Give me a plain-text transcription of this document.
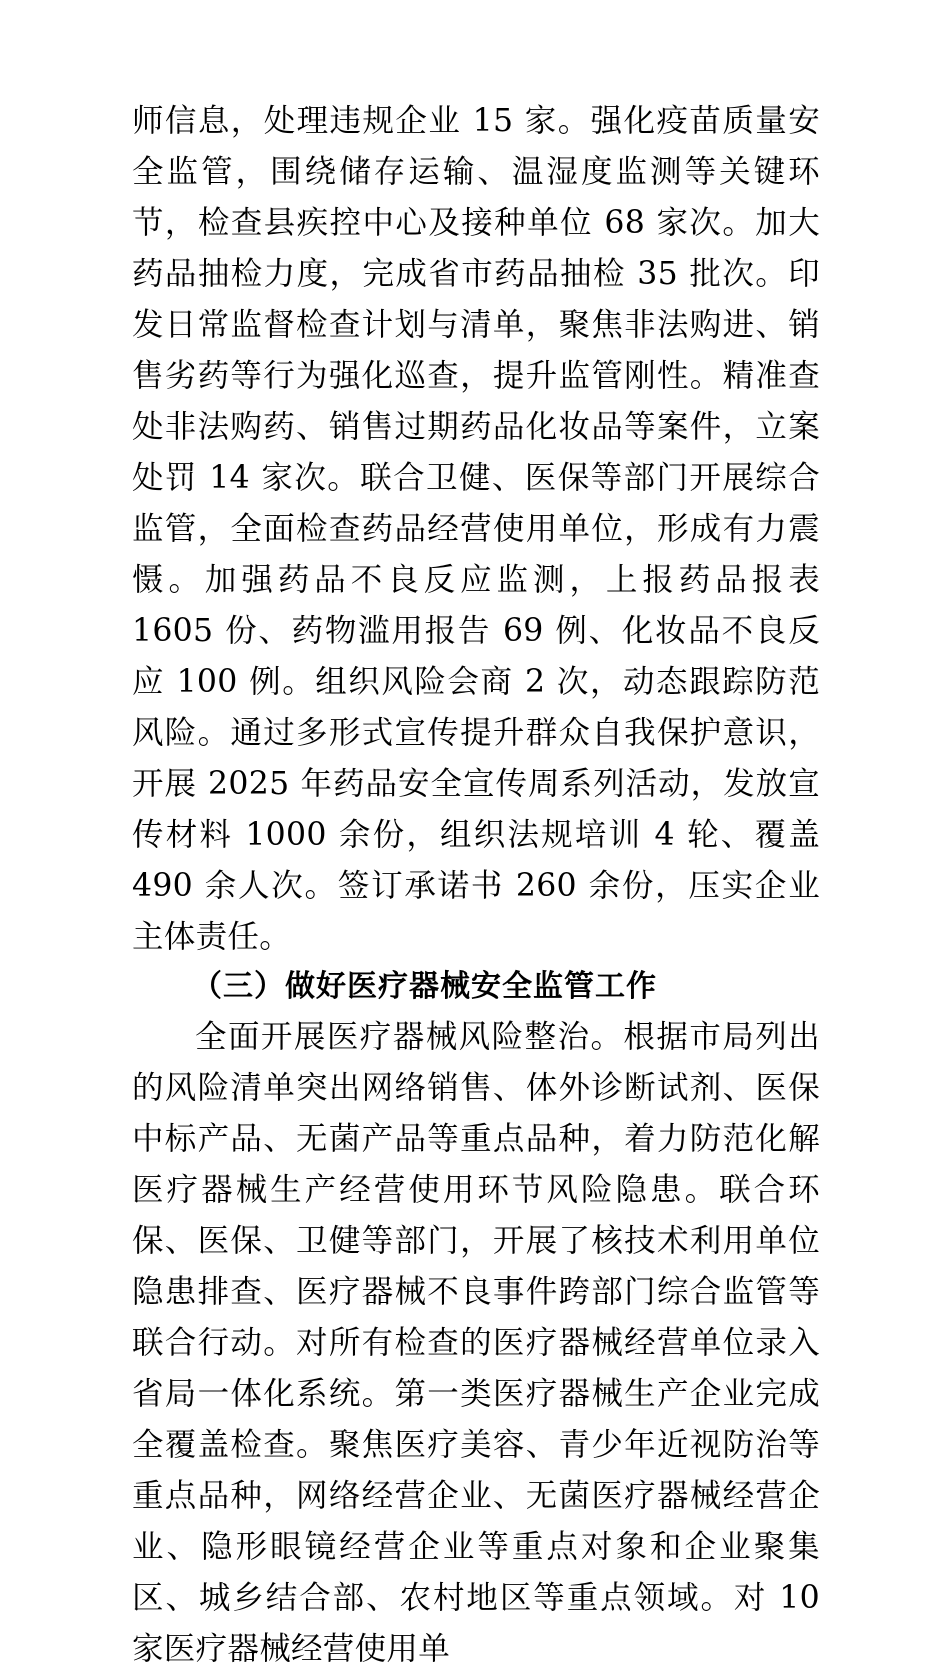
师信息，处理违规企业 15 家。强化疫苗质量安全监管，围绕储存运输、温湿度监测等关键环节，检查县疾控中心及接种单位 68 家次。加大药品抽检力度，完成省市药品抽检 35 批次。印发日常监督检查计划与清单，聚焦非法购进、销售劣药等行为强化巡查，提升监管刚性。精准查处非法购药、销售过期药品化妆品等案件，立案处罚 14 家次。联合卫健、医保等部门开展综合监管，全面检查药品经营使用单位，形成有力震慑。加强药品不良反应监测，上报药品报表 1605 份、药物滥用报告 69 例、化妆品不良反应 100 例。组织风险会商 2 次，动态跟踪防范风险。通过多形式宣传提升群众自我保护意识，开展 2025 年药品安全宣传周系列活动，发放宣传材料 1000 余份，组织法规培训 4 轮、覆盖 490 余人次。签订承诺书 260 余份，压实企业主体责任。

（三）做好医疗器械安全监管工作

全面开展医疗器械风险整治。根据市局列出的风险清单突出网络销售、体外诊断试剂、医保中标产品、无菌产品等重点品种，着力防范化解医疗器械生产经营使用环节风险隐患。联合环保、医保、卫健等部门，开展了核技术利用单位隐患排查、医疗器械不良事件跨部门综合监管等联合行动。对所有检查的医疗器械经营单位录入省局一体化系统。第一类医疗器械生产企业完成全覆盖检查。聚焦医疗美容、青少年近视防治等重点品种，网络经营企业、无菌医疗器械经营企业、隐形眼镜经营企业等重点对象和企业聚集区、城乡结合部、农村地区等重点领域。对 10 家医疗器械经营使用单
